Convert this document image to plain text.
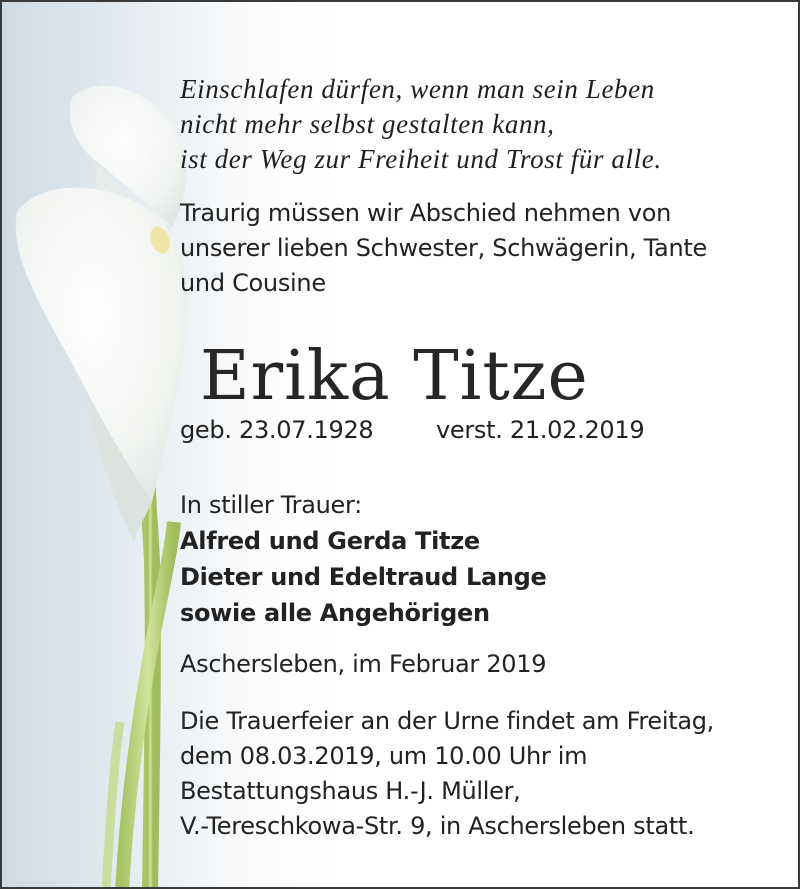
Einschlafen dürfen, wenn man sein Leben
nicht mehr selbst gestalten kann,
ist der Weg zur Freiheit und Trost für alle.
Traurig müssen wir Abschied nehmen von
unserer lieben Schwester, Schwägerin, Tante
und Cousine
Erika Titze
geb. 23.07.1928	verst. 21.02.2019
In stiller Trauer:
Alfred und Gerda Titze
Dieter und Edeltraud Lange
sowie alle Angehörigen
Aschersleben, im Februar 2019
Die Trauerfeier an der Urne findet am Freitag,
dem 08.03.2019, um 10.00 Uhr im
Bestattungshaus H.-J. Müller,
V.-Tereschkowa-Str. 9, in Aschersleben statt.
